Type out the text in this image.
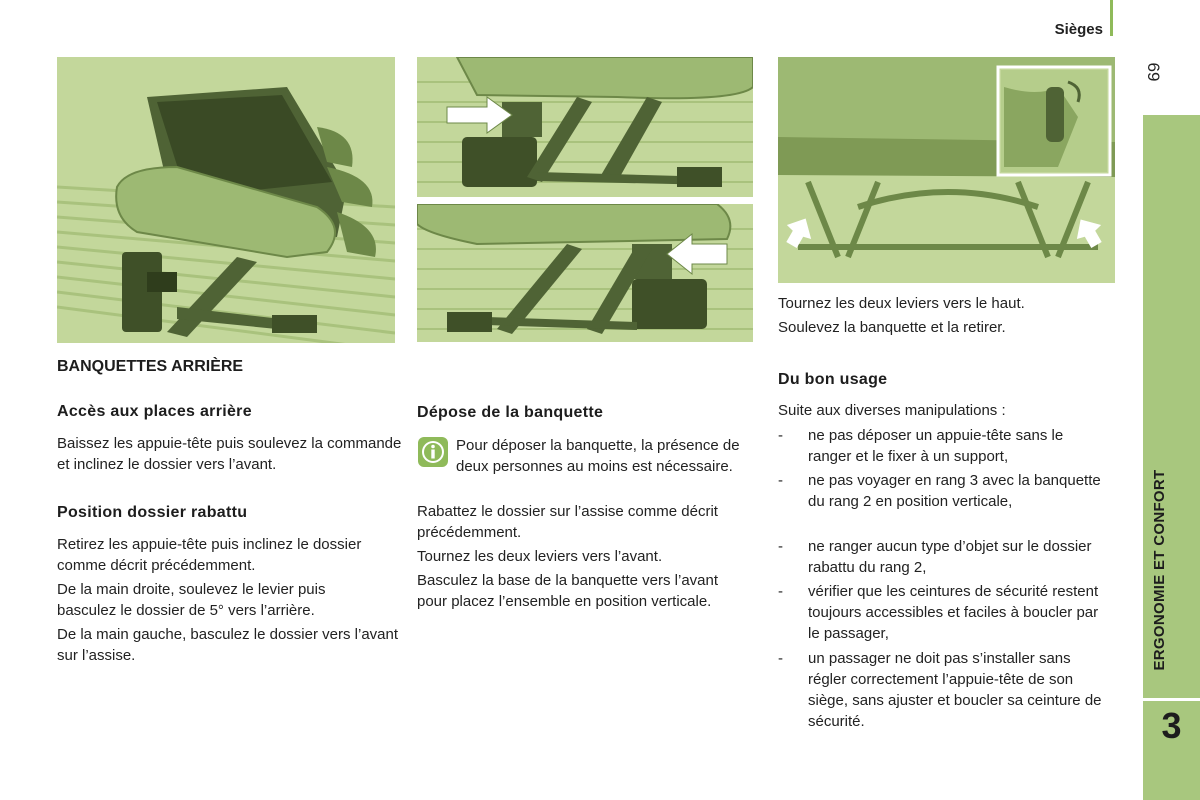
Sièges
69
ERGONOMIE ET CONFORT
3
BANQUETTES ARRIÈRE
Accès aux places arrière
Baissez les appuie-tête puis soulevez la commande et inclinez le dossier vers l’avant.
Position dossier rabattu
Retirez les appuie-tête puis inclinez le dossier comme décrit précédemment.
De la main droite, soulevez le levier puis basculez le dossier de 5° vers l’arrière.
De la main gauche, basculez le dossier vers l’avant sur l’assise.
Dépose de la banquette
Pour déposer la banquette, la présence de deux personnes au moins est nécessaire.
Rabattez le dossier sur l’assise comme décrit précédemment.
Tournez les deux leviers vers l’avant.
Basculez la base de la banquette vers l’avant pour placez l’ensemble en position verticale.
Tournez les deux leviers vers le haut.
Soulevez la banquette et la retirer.
Du bon usage
Suite aux diverses manipulations :
- ne pas déposer un appuie-tête sans le ranger et le fixer à un support,
- ne pas voyager en rang 3 avec la banquette du rang 2 en position verticale,
- ne ranger aucun type d’objet sur le dossier rabattu du rang 2,
- vérifier que les ceintures de sécurité restent toujours accessibles et faciles à boucler par le passager,
- un passager ne doit pas s’installer sans régler correctement l’appuie-tête de son siège, sans ajuster et boucler sa ceinture de sécurité.
